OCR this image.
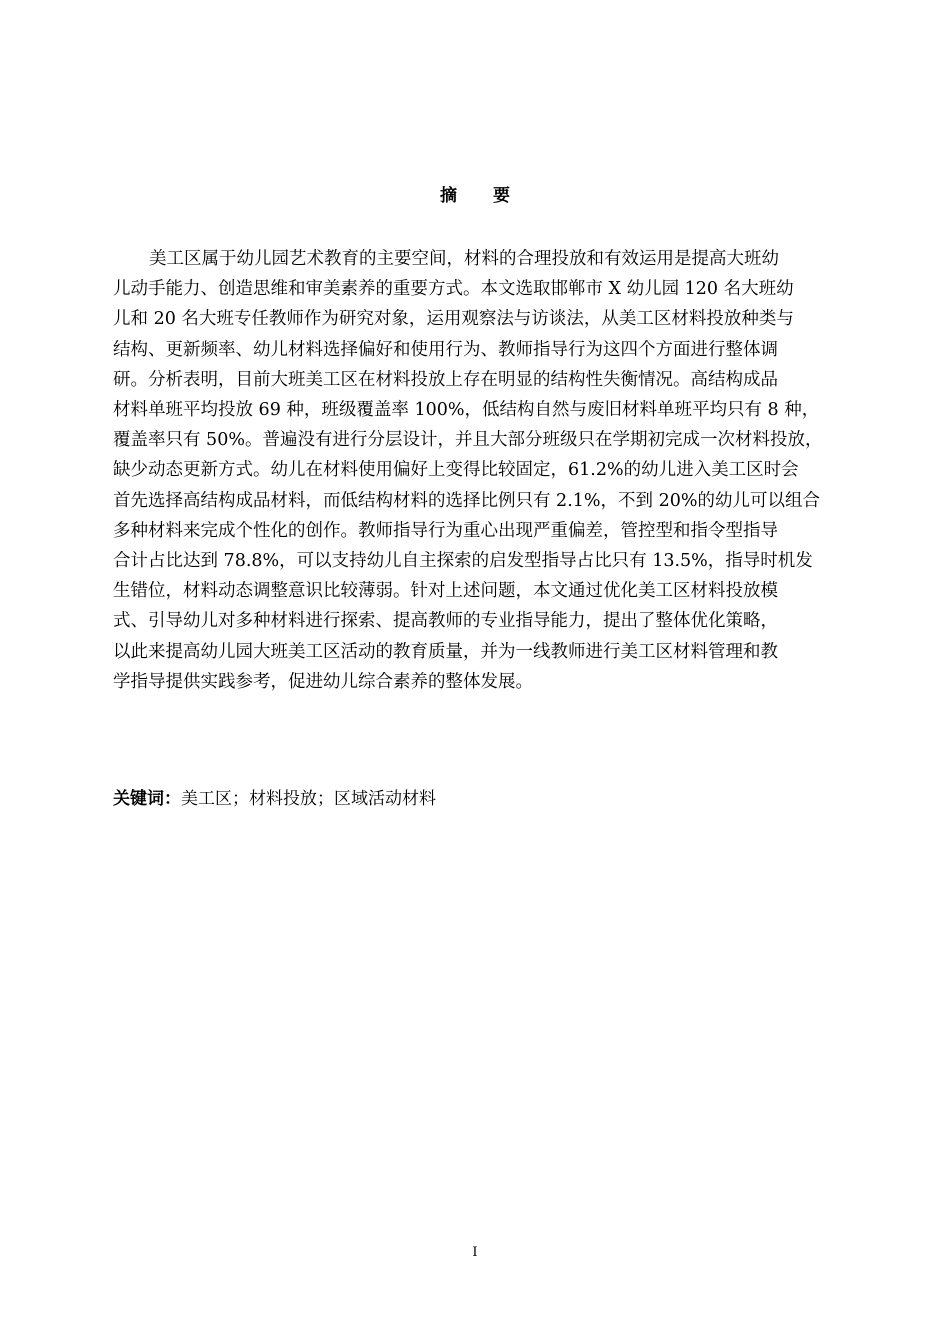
摘要
美工区属于幼儿园艺术教育的主要空间，材料的合理投放和有效运用是提高大班幼
儿动手能力、创造思维和审美素养的重要方式。本文选取邯郸市 X 幼儿园 120 名大班幼
儿和 20 名大班专任教师作为研究对象，运用观察法与访谈法，从美工区材料投放种类与
结构、更新频率、幼儿材料选择偏好和使用行为、教师指导行为这四个方面进行整体调
研。分析表明，目前大班美工区在材料投放上存在明显的结构性失衡情况。高结构成品
材料单班平均投放 69 种，班级覆盖率 100%，低结构自然与废旧材料单班平均只有 8 种，
覆盖率只有 50%。普遍没有进行分层设计，并且大部分班级只在学期初完成一次材料投放，
缺少动态更新方式。幼儿在材料使用偏好上变得比较固定，61.2%的幼儿进入美工区时会
首先选择高结构成品材料，而低结构材料的选择比例只有 2.1%，不到 20%的幼儿可以组合
多种材料来完成个性化的创作。教师指导行为重心出现严重偏差，管控型和指令型指导
合计占比达到 78.8%，可以支持幼儿自主探索的启发型指导占比只有 13.5%，指导时机发
生错位，材料动态调整意识比较薄弱。针对上述问题，本文通过优化美工区材料投放模
式、引导幼儿对多种材料进行探索、提高教师的专业指导能力，提出了整体优化策略，
以此来提高幼儿园大班美工区活动的教育质量，并为一线教师进行美工区材料管理和教
学指导提供实践参考，促进幼儿综合素养的整体发展。

关键词：美工区；材料投放；区域活动材料

I
